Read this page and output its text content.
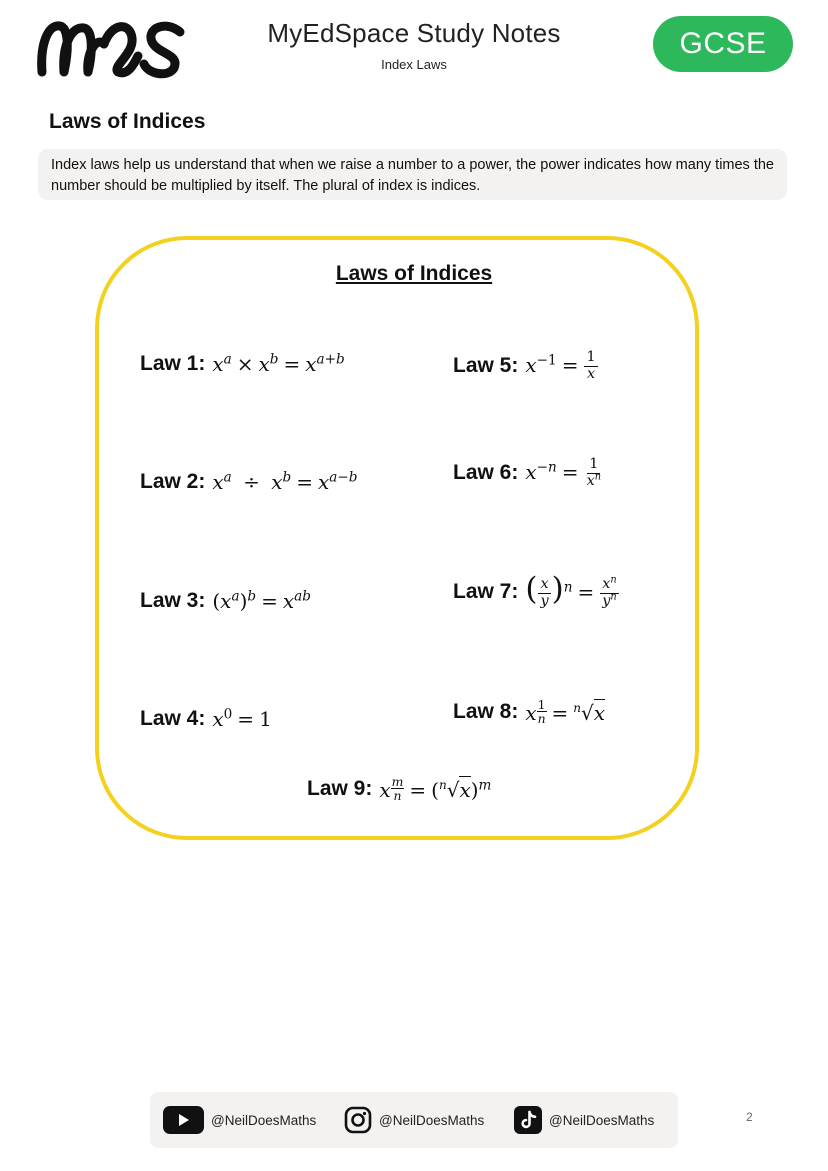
MyEdSpace Study Notes
Index Laws
GCSE
Laws of Indices
Index laws help us understand that when we raise a number to a power, the power indicates how many times the number should be multiplied by itself. The plural of index is indices.
Laws of Indices
Law 1: $x^a \times x^b = x^{a+b}$
Law 2: $x^a \div x^b = x^{a-b}$
Law 3: $(x^a)^b = x^{ab}$
Law 4: $x^0 = 1$
Law 5: $x^{-1} = \frac{1}{x}$
Law 6: $x^{-n} = \frac{1}{x^n}$
Law 7: ( $\frac{x}{y} )^n = \frac{x^n}{y^n}$
Law 8: x $\frac{1}{n} = ^n√x$
Law 9: x $\frac{m}{n} = (^n√x)^m$
@NeilDoesMaths	@NeilDoesMaths	@NeilDoesMaths	2
